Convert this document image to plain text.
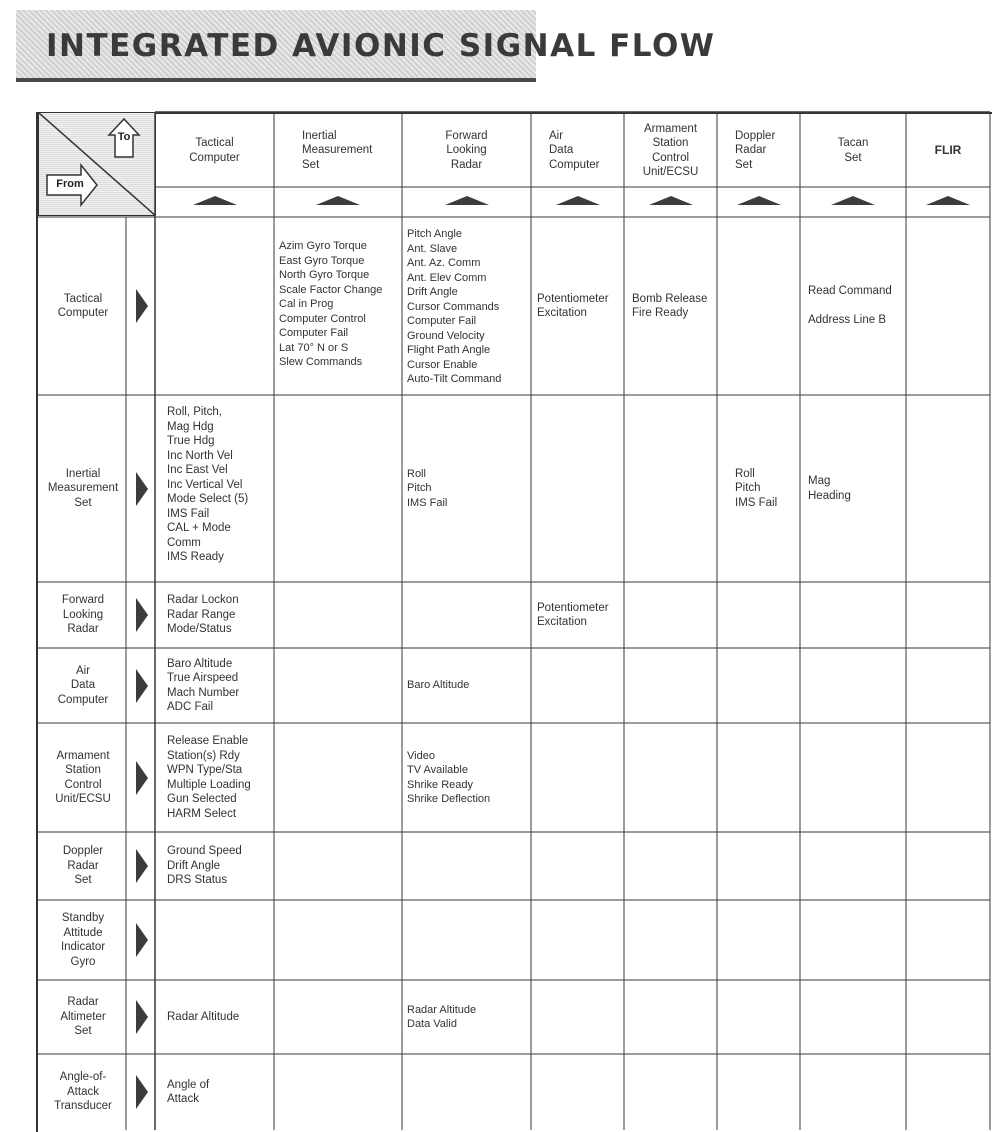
INTEGRATED AVIONIC SIGNAL FLOW
To
From
Tactical
Computer
Inertial
Measurement
Set
Forward
Looking
Radar
Air
Data
Computer
Armament
Station
Control
Unit/ECSU
Doppler
Radar
Set
Tacan
Set
FLIR
Tactical
Computer
Azim Gyro Torque
East Gyro Torque
North Gyro Torque
Scale Factor Change
Cal in Prog
Computer Control
Computer Fail
Lat 70° N or S
Slew Commands
Pitch Angle
Ant. Slave
Ant. Az. Comm
Ant. Elev Comm
Drift Angle
Cursor Commands
Computer Fail
Ground Velocity
Flight Path Angle
Cursor Enable
Auto-Tilt Command
Potentiometer
Excitation
Bomb Release
Fire Ready
Read Command

Address Line B
Inertial
Measurement
Set
Roll, Pitch,
Mag Hdg
True Hdg
Inc North Vel
Inc East Vel
Inc Vertical Vel
Mode Select (5)
IMS Fail
CAL + Mode
Comm
IMS Ready
Roll
Pitch
IMS Fail
Roll
Pitch
IMS Fail
Mag
Heading
Forward
Looking
Radar
Radar Lockon
Radar Range
Mode/Status
Potentiometer
Excitation
Air
Data
Computer
Baro Altitude
True Airspeed
Mach Number
ADC Fail
Baro Altitude
Armament
Station
Control
Unit/ECSU
Release Enable
Station(s) Rdy
WPN Type/Sta
Multiple Loading
Gun Selected
HARM Select
Video
TV Available
Shrike Ready
Shrike Deflection
Doppler
Radar
Set
Ground Speed
Drift Angle
DRS Status
Standby
Attitude
Indicator
Gyro
Radar
Altimeter
Set
Radar Altitude
Radar Altitude
Data Valid
Angle-of-
Attack
Transducer
Angle of
Attack
